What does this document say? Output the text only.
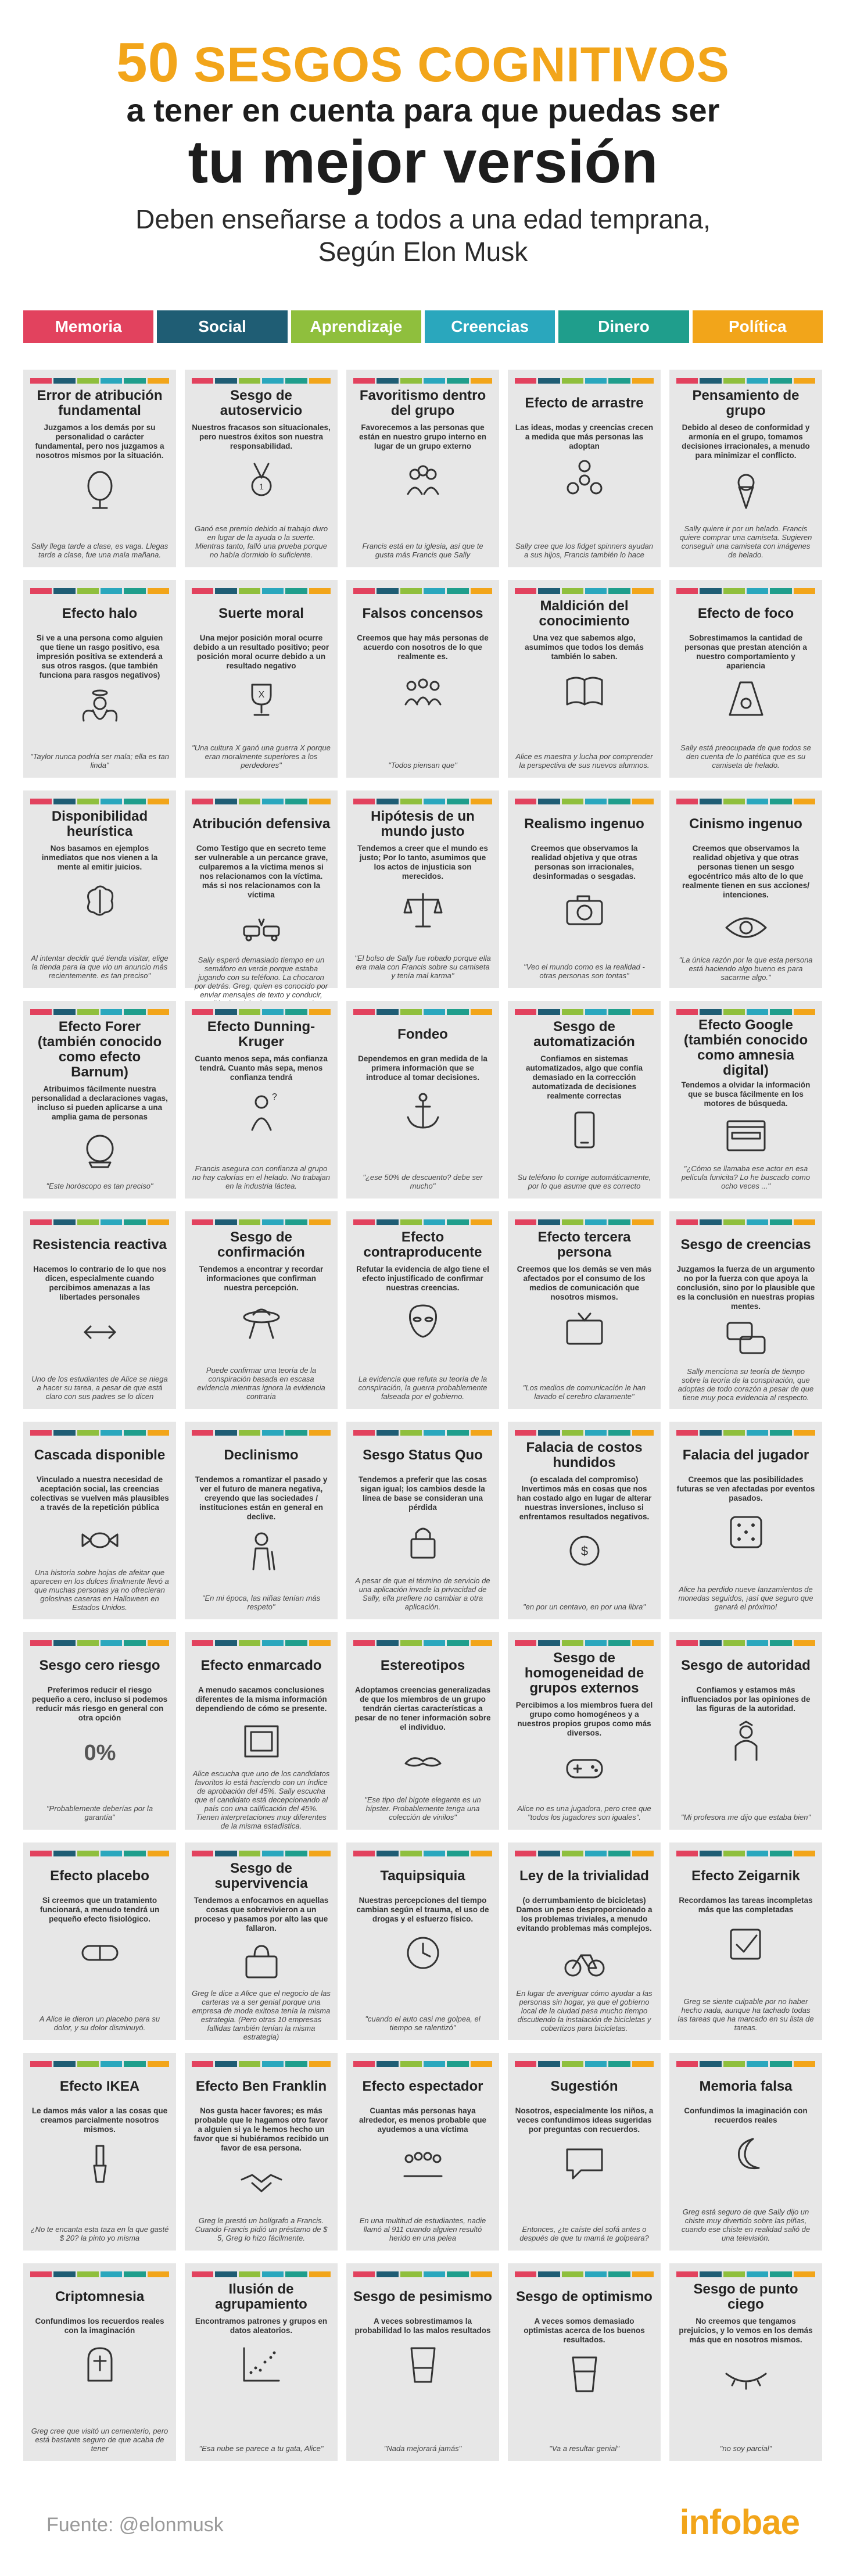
50 SESGOS COGNITIVOS
a tener en cuenta para que puedas ser
tu mejor versión
Deben enseñarse a todos a una edad temprana,
Según Elon Musk
Memoria	Social	Aprendizaje	Creencias	Dinero	Política
Error de atribución fundamental
Juzgamos a los demás por su personalidad o carácter fundamental, pero nos juzgamos a nosotros mismos por la situación.
Sally llega tarde a clase, es vaga. Llegas tarde a clase, fue una mala mañana.
Sesgo de autoservicio
Nuestros fracasos son situacionales, pero nuestros éxitos son nuestra responsabilidad.
1
Ganó ese premio debido al trabajo duro en lugar de la ayuda o la suerte. Mientras tanto, falló una prueba porque no había dormido lo suficiente.
Favoritismo dentro del grupo
Favorecemos a las personas que están en nuestro grupo interno en lugar de un grupo externo
Francis está en tu iglesia, así que te gusta más Francis que Sally
Efecto de arrastre
Las ideas, modas y creencias crecen a medida que más personas las adoptan
Sally cree que los fidget spinners ayudan a sus hijos, Francis también lo hace
Pensamiento de grupo
Debido al deseo de conformidad y armonía en el grupo, tomamos decisiones irracionales, a menudo para minimizar el conflicto.
Sally quiere ir por un helado. Francis quiere comprar una camiseta. Sugieren conseguir una camiseta con imágenes de helado.
Efecto halo
Si ve a una persona como alguien que tiene un rasgo positivo, esa impresión positiva se extenderá a sus otros rasgos. (que también funciona para rasgos negativos)
"Taylor nunca podría ser mala; ella es tan linda"
Suerte moral
Una mejor posición moral ocurre debido a un resultado positivo; peor posición moral ocurre debido a un resultado negativo
X
"Una cultura X ganó una guerra X porque eran moralmente superiores a los perdedores"
Falsos concensos
Creemos que hay más personas de acuerdo con nosotros de lo que realmente es.
"Todos piensan que"
Maldición del conocimiento
Una vez que sabemos algo, asumimos que todos los demás también lo saben.
Alice es maestra y lucha por comprender la perspectiva de sus nuevos alumnos.
Efecto de foco
Sobrestimamos la cantidad de personas que prestan atención a nuestro comportamiento y apariencia
Sally está preocupada de que todos se den cuenta de lo patética que es su camiseta de helado.
Disponibilidad heurística
Nos basamos en ejemplos inmediatos que nos vienen a la mente al emitir juicios.
Al intentar decidir qué tienda visitar, elige la tienda para la que vio un anuncio más recientemente. es tan preciso"
Atribución defensiva
Como Testigo que en secreto teme ser vulnerable a un percance grave, culparemos a la víctima menos si nos relacionamos con la víctima. más si nos relacionamos con la víctima
Sally esperó demasiado tiempo en un semáforo en verde porque estaba jugando con su teléfono. La chocaron por detrás. Greg, quien es conocido por enviar mensajes de texto y conducir,
Hipótesis de un mundo justo
Tendemos a creer que el mundo es justo; Por lo tanto, asumimos que los actos de injusticia son merecidos.
"El bolso de Sally fue robado porque ella era mala con Francis sobre su camiseta y tenía mal karma"
Realismo ingenuo
Creemos que observamos la realidad objetiva y que otras personas son irracionales, desinformadas o sesgadas.
"Veo el mundo como es la realidad - otras personas son tontas"
Cinismo ingenuo
Creemos que observamos la realidad objetiva y que otras personas tienen un sesgo egocéntrico más alto de lo que realmente tienen en sus acciones/ intenciones.
"La única razón por la que esta persona está haciendo algo bueno es para sacarme algo."
Efecto Forer (también conocido como efecto Barnum)
Atribuimos fácilmente nuestra personalidad a declaraciones vagas, incluso si pueden aplicarse a una amplia gama de personas
"Este horóscopo es tan preciso"
Efecto Dunning-Kruger
Cuanto menos sepa, más confianza tendrá. Cuanto más sepa, menos confianza tendrá
?
Francis asegura con confianza al grupo no hay calorías en el helado. No trabajan en la industria láctea.
Fondeo
Dependemos en gran medida de la primera información que se introduce al tomar decisiones.
"¿ese 50% de descuento? debe ser mucho"
Sesgo de automatización
Confiamos en sistemas automatizados, algo que confía demasiado en la corrección automatizada de decisiones realmente correctas
Su teléfono lo corrige automáticamente, por lo que asume que es correcto
Efecto Google (también conocido como amnesia digital)
Tendemos a olvidar la información que se busca fácilmente en los motores de búsqueda.
"¿Cómo se llamaba ese actor en esa película funicita? Lo he buscado como ocho veces ..."
Resistencia reactiva
Hacemos lo contrario de lo que nos dicen, especialmente cuando percibimos amenazas a las libertades personales
Uno de los estudiantes de Alice se niega a hacer su tarea, a pesar de que está claro con sus padres se lo dicen
Sesgo de confirmación
Tendemos a encontrar y recordar informaciones que confirman nuestra percepción.
Puede confirmar una teoría de la conspiración basada en escasa evidencia mientras ignora la evidencia contraria
Efecto contraproducente
Refutar la evidencia de algo tiene el efecto injustificado de confirmar nuestras creencias.
La evidencia que refuta su teoría de la conspiración, la guerra probablemente falseada por el gobierno.
Efecto tercera persona
Creemos que los demás se ven más afectados por el consumo de los medios de comunicación que nosotros mismos.
"Los medios de comunicación le han lavado el cerebro claramente"
Sesgo de creencias
Juzgamos la fuerza de un argumento no por la fuerza con que apoya la conclusión, sino por lo plausible que es la conclusión en nuestras propias mentes.
Sally menciona su teoría de tiempo sobre la teoría de la conspiración, que adoptas de todo corazón a pesar de que tiene muy poca evidencia al respecto.
Cascada disponible
Vinculado a nuestra necesidad de aceptación social, las creencias colectivas se vuelven más plausibles a través de la repetición pública
Una historia sobre hojas de afeitar que aparecen en los dulces finalmente llevó a que muchas personas ya no ofrecieran golosinas caseras en Halloween en Estados Unidos.
Declinismo
Tendemos a romantizar el pasado y ver el futuro de manera negativa, creyendo que las sociedades / instituciones están en general en declive.
"En mi época, las niñas tenían más respeto"
Sesgo Status Quo
Tendemos a preferir que las cosas sigan igual; los cambios desde la línea de base se consideran una pérdida
A pesar de que el término de servicio de una aplicación invade la privacidad de Sally, ella prefiere no cambiar a otra aplicación.
Falacia de costos hundidos
(o escalada del compromiso) Invertimos más en cosas que nos han costado algo en lugar de alterar nuestras inversiones, incluso si enfrentamos resultados negativos.
$
"en por un centavo, en por una libra"
Falacia del jugador
Creemos que las posibilidades futuras se ven afectadas por eventos pasados.
Alice ha perdido nueve lanzamientos de monedas seguidos, ¡así que seguro que ganará el próximo!
Sesgo cero riesgo
Preferimos reducir el riesgo pequeño a cero, incluso si podemos reducir más riesgo en general con otra opción
0%
"Probablemente deberías por la garantía"
Efecto enmarcado
A menudo sacamos conclusiones diferentes de la misma información dependiendo de cómo se presente.
Alice escucha que uno de los candidatos favoritos lo está haciendo con un índice de aprobación del 45%. Sally escucha que el candidato está decepcionando al país con una calificación del 45%. Tienen interpretaciones muy diferentes de la misma estadística.
Estereotipos
Adoptamos creencias generalizadas de que los miembros de un grupo tendrán ciertas características a pesar de no tener información sobre el individuo.
"Ese tipo del bigote elegante es un hípster. Probablemente tenga una colección de vinilos"
Sesgo de homogeneidad de grupos externos
Percibimos a los miembros fuera del grupo como homogéneos y a nuestros propios grupos como más diversos.
Alice no es una jugadora, pero cree que "todos los jugadores son iguales".
Sesgo de autoridad
Confiamos y estamos más influenciados por las opiniones de las figuras de la autoridad.
"Mi profesora me dijo que estaba bien"
Efecto placebo
Si creemos que un tratamiento funcionará, a menudo tendrá un pequeño efecto fisiológico.
A Alice le dieron un placebo para su dolor, y su dolor disminuyó.
Sesgo de supervivencia
Tendemos a enfocarnos en aquellas cosas que sobrevivieron a un proceso y pasamos por alto las que fallaron.
Greg le dice a Alice que el negocio de las carteras va a ser genial porque una empresa de moda exitosa tenía la misma estrategia. (Pero otras 10 empresas fallidas también tenían la misma estrategia)
Taquipsiquia
Nuestras percepciones del tiempo cambian según el trauma, el uso de drogas y el esfuerzo físico.
"cuando el auto casi me golpea, el tiempo se ralentizó"
Ley de la trivialidad
(o derrumbamiento de bicicletas) Damos un peso desproporcionado a los problemas triviales, a menudo evitando problemas más complejos.
En lugar de averiguar cómo ayudar a las personas sin hogar, ya que el gobierno local de la ciudad pasa mucho tiempo discutiendo la instalación de bicicletas y cobertizos para bicicletas.
Efecto Zeigarnik
Recordamos las tareas incompletas más que las completadas
Greg se siente culpable por no haber hecho nada, aunque ha tachado todas las tareas que ha marcado en su lista de tareas.
Efecto IKEA
Le damos más valor a las cosas que creamos parcialmente nosotros mismos.
¿No te encanta esta taza en la que gasté $ 20? la pinto yo misma
Efecto Ben Franklin
Nos gusta hacer favores; es más probable que le hagamos otro favor a alguien si ya le hemos hecho un favor que si hubiéramos recibido un favor de esa persona.
Greg le prestó un bolígrafo a Francis. Cuando Francis pidió un préstamo de $ 5, Greg lo hizo fácilmente.
Efecto espectador
Cuantas más personas haya alrededor, es menos probable que ayudemos a una víctima
En una multitud de estudiantes, nadie llamó al 911 cuando alguien resultó herido en una pelea
Sugestión
Nosotros, especialmente los niños, a veces confundimos ideas sugeridas por preguntas con recuerdos.
Entonces, ¿te caíste del sofá antes o después de que tu mamá te golpeara?
Memoria falsa
Confundimos la imaginación con recuerdos reales
Greg está seguro de que Sally dijo un chiste muy divertido sobre las piñas, cuando ese chiste en realidad salió de una televisión.
Criptomnesia
Confundimos los recuerdos reales con la imaginación
Greg cree que visitó un cementerio, pero está bastante seguro de que acaba de tener
Ilusión de agrupamiento
Encontramos patrones y grupos en datos aleatorios.
"Esa nube se parece a tu gata, Alice"
Sesgo de pesimismo
A veces sobrestimamos la probabilidad lo las malos resultados
"Nada mejorará jamás"
Sesgo de optimismo
A veces somos demasiado optimistas acerca de los buenos resultados.
"Va a resultar genial"
Sesgo de punto ciego
No creemos que tengamos prejuicios, y lo vemos en los demás más que en nosotros mismos.
"no soy parcial"
Fuente: @elonmusk	infobae
